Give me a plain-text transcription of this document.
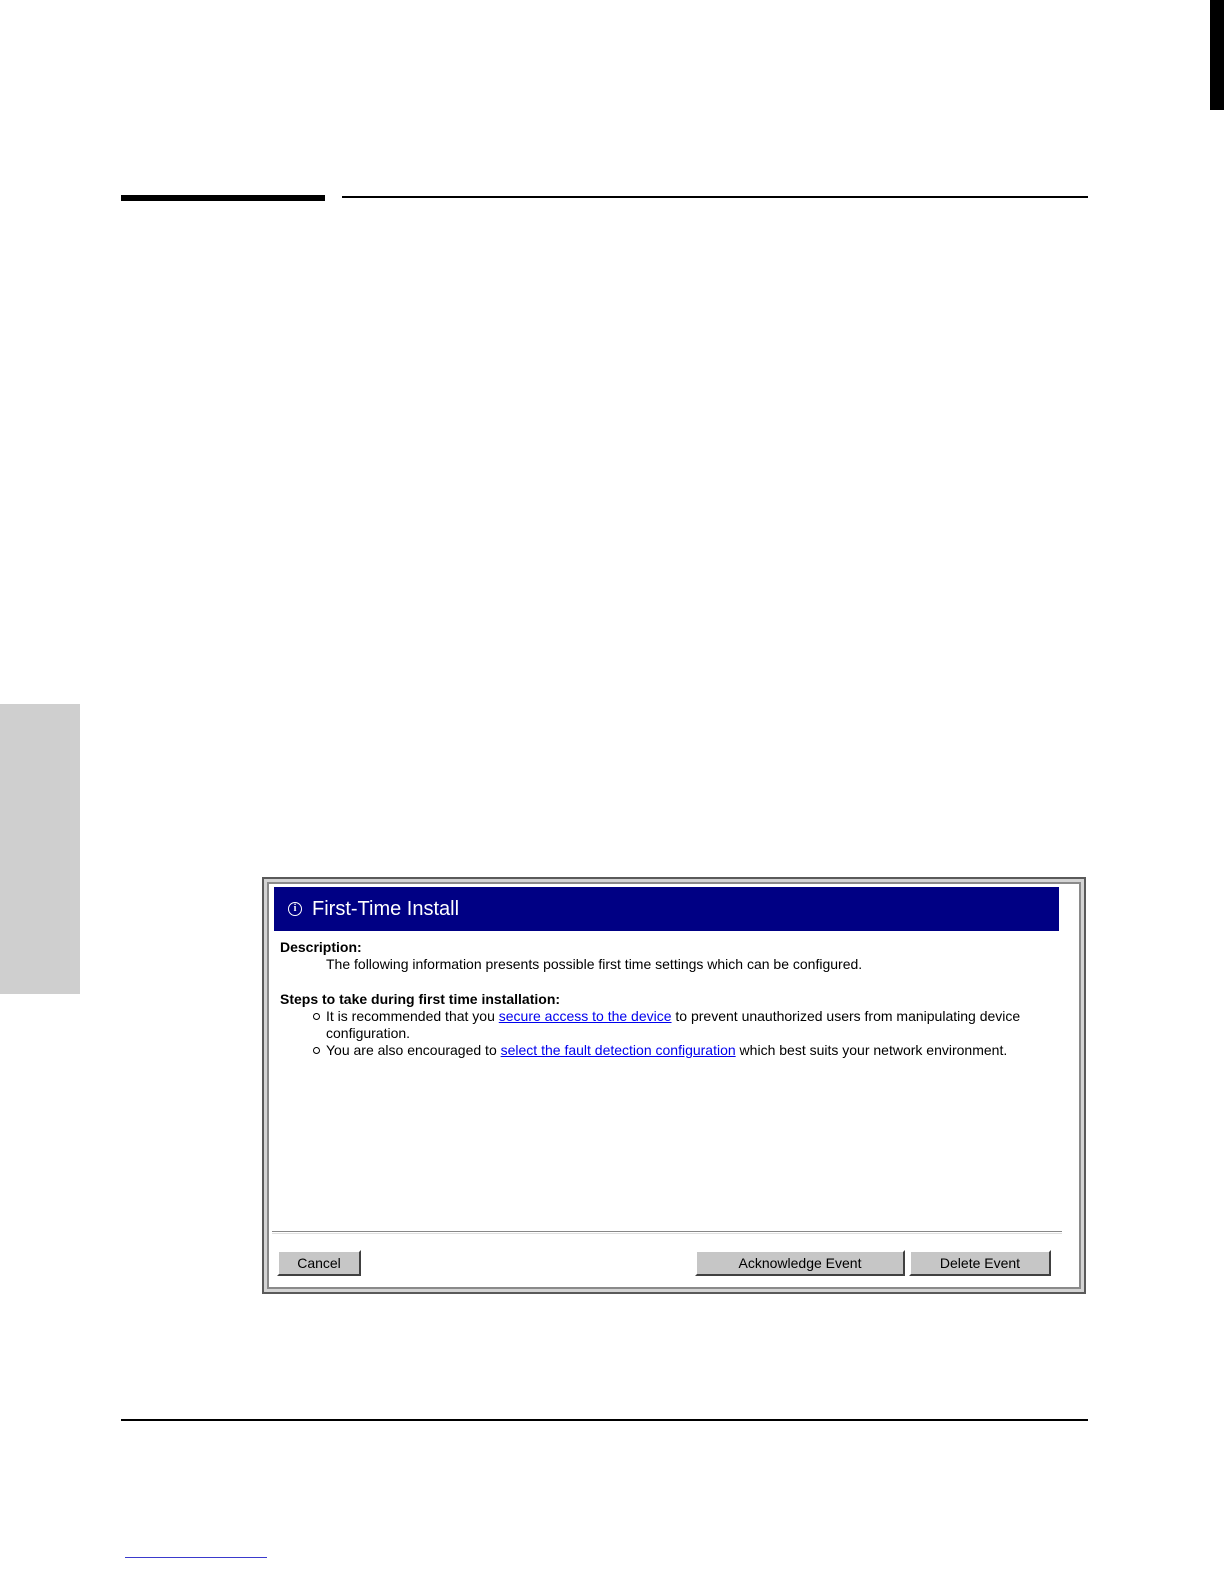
i First-Time Install
Description:
The following information presents possible first time settings which can be configured.
Steps to take during first time installation:
It is recommended that you secure access to the device to prevent unauthorized users from manipulating device configuration.
You are also encouraged to select the fault detection configuration which best suits your network environment.
Cancel	Acknowledge Event	Delete Event
